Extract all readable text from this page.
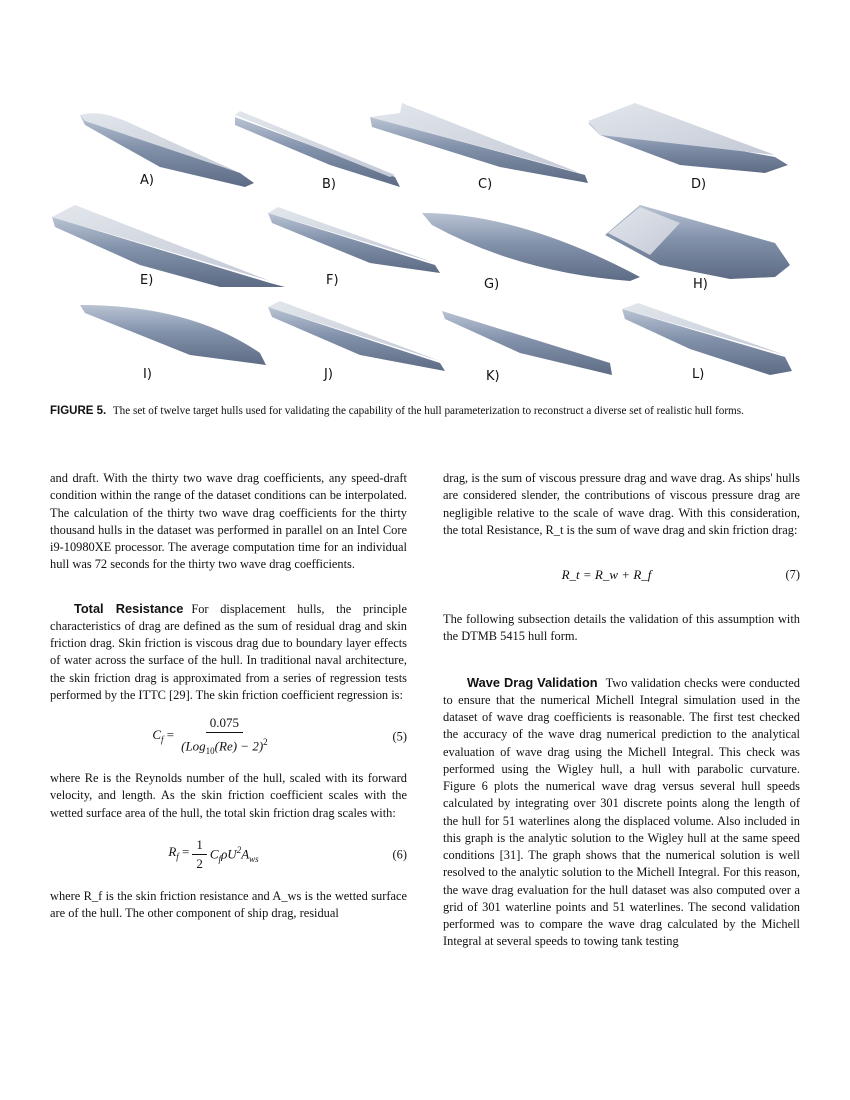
A)	B)	C)	D)
E)	F)	G)	H)
I)	J)	K)	L)
FIGURE 5. The set of twelve target hulls used for validating the capability of the hull parameterization to reconstruct a diverse set of realistic hull forms.

and draft. With the thirty two wave drag coefficients, any speed-draft condition within the range of the dataset conditions can be interpolated. The calculation of the thirty two wave drag coefficients for the thirty thousand hulls in the dataset was performed in parallel on an Intel Core i9-10980XE processor. The average computation time for an individual hull was 72 seconds for the thirty two wave drag coefficients.

Total Resistance For displacement hulls, the principle characteristics of drag are defined as the sum of residual drag and skin friction drag. Skin friction is viscous drag due to boundary layer effects of water across the surface of the hull. In traditional naval architecture, the skin friction drag is approximated from a series of regression tests performed by the ITTC [29]. The skin friction coefficient regression is:

$C_f = \frac{0.075}{(Log_{10}(Re) - 2)^2}$	(5)

where Re is the Reynolds number of the hull, scaled with its forward velocity, and length. As the skin friction coefficient scales with the wetted surface area of the hull, the total skin friction drag scales with:

$R_f = \frac{1}{2} C_f\rho U^2A_{ws}$	(6)

where R_f is the skin friction resistance and A_ws is the wetted surface are of the hull. The other component of ship drag, residual

drag, is the sum of viscous pressure drag and wave drag. As ships' hulls are considered slender, the contributions of viscous pressure drag are negligible relative to the scale of wave drag. With this consideration, the total Resistance, R_t is the sum of wave drag and skin friction drag:

R_t = R_w + R_f	(7)

The following subsection details the validation of this assumption with the DTMB 5415 hull form.

Wave Drag Validation Two validation checks were conducted to ensure that the numerical Michell Integral simulation used in the dataset of wave drag coefficients is reasonable. The first test checked the accuracy of the wave drag numerical prediction to the analytical evaluation of wave drag using the Michell Integral. This check was performed using the Wigley hull, a hull with parabolic curvature. Figure 6 plots the numerical wave drag versus several hull speeds calculated by integrating over 301 discrete points along the length of the hull for 51 waterlines along the displaced volume. Also included in this graph is the analytic solution to the Wigley hull at the same speed conditions [31]. The graph shows that the numerical solution is well resolved to the analytic solution to the Michell Integral. For this reason, the wave drag evaluation for the hull dataset was also computed over a grid of 301 waterline points and 51 waterlines. The second validation performed was to compare the wave drag calculated by the Michell Integral at several speeds to towing tank testing
